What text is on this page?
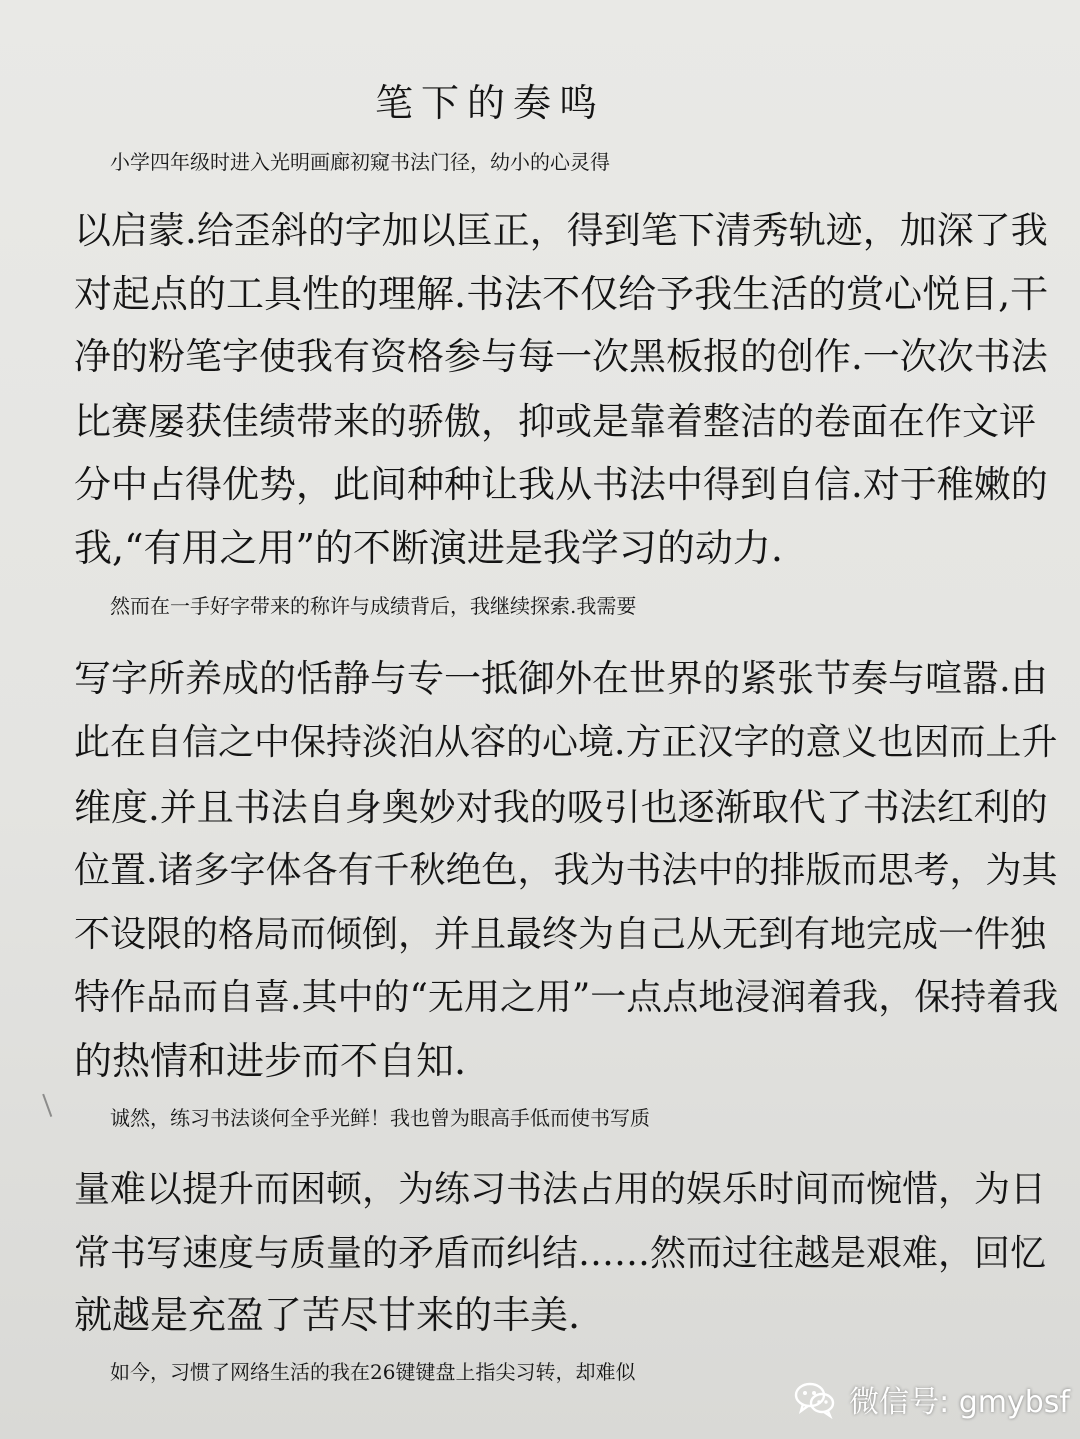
笔下的奏鸣
小学四年级时进入光明画廊初窥书法门径，幼小的心灵得
以启蒙.给歪斜的字加以匡正，得到笔下清秀轨迹，加深了我
对起点的工具性的理解.书法不仅给予我生活的赏心悦目,干
净的粉笔字使我有资格参与每一次黑板报的创作.一次次书法
比赛屡获佳绩带来的骄傲，抑或是靠着整洁的卷面在作文评
分中占得优势，此间种种让我从书法中得到自信.对于稚嫩的
我,“有用之用”的不断演进是我学习的动力.
然而在一手好字带来的称许与成绩背后，我继续探索.我需要
写字所养成的恬静与专一抵御外在世界的紧张节奏与喧嚣.由
此在自信之中保持淡泊从容的心境.方正汉字的意义也因而上升
维度.并且书法自身奥妙对我的吸引也逐渐取代了书法红利的
位置.诸多字体各有千秋绝色，我为书法中的排版而思考，为其
不设限的格局而倾倒，并且最终为自己从无到有地完成一件独
特作品而自喜.其中的“无用之用”一点点地浸润着我，保持着我
的热情和进步而不自知.
诚然，练习书法谈何全乎光鲜！我也曾为眼高手低而使书写质
量难以提升而困顿，为练习书法占用的娱乐时间而惋惜，为日
常书写速度与质量的矛盾而纠结……然而过往越是艰难，回忆
就越是充盈了苦尽甘来的丰美.
如今，习惯了网络生活的我在26键键盘上指尖习转，却难似
微信号: gmybsf
